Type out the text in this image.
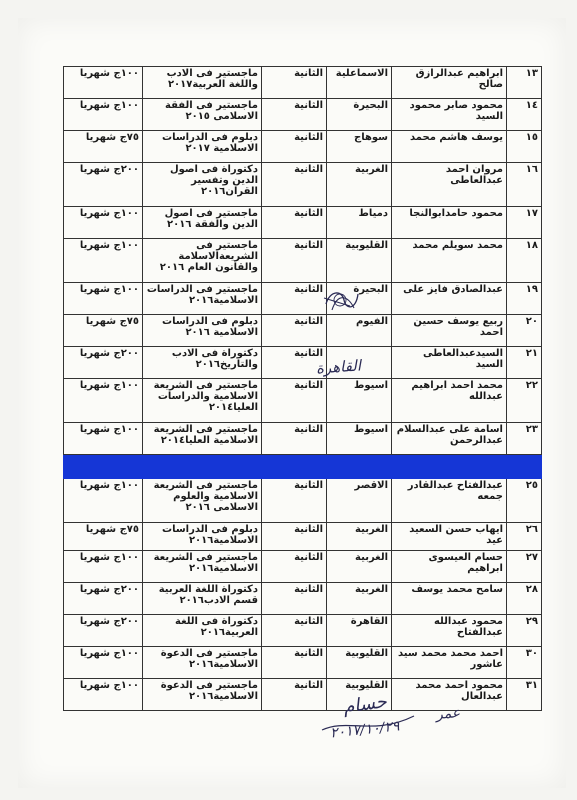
١٣	ابراهيم عبدالرازق صالح	الاسماعلية	الثانية	ماجستير فى الادب واللغة العربية٢٠١٧	١٠٠ج شهريا
١٤	محمود صابر محمود السيد	البحيرة	الثانية	ماجستير فى الفقة الاسلامى ٢٠١٥	١٠٠ج شهريا
١٥	يوسف هاشم محمد	سوهاج	الثانية	دبلوم فى الدراسات الاسلامية ٢٠١٧	٧٥ج شهريا
١٦	مروان احمد عبدالعاطى	الغربية	الثانية	دكتوراة فى اصول الدين وتفسير القران٢٠١٦	٢٠٠ج شهريا
١٧	محمود حامدابوالنجا	دمياط	الثانية	ماجستير فى اصول الدين والفقة ٢٠١٦	١٠٠ج شهريا
١٨	محمد سويلم محمد	القليوبية	الثانية	ماجستير فى الشريعةالاسلامة والقانون العام ٢٠١٦	١٠٠ج شهريا
١٩	عبدالصادق فايز على	البحيرة	الثانية	ماجستير فى الدراسات الاسلامية٢٠١٦	١٠٠ج شهريا
٢٠	ربيع يوسف حسين احمد	الفيوم	الثانية	دبلوم فى الدراسات الاسلامية ٢٠١٦	٧٥ج شهريا
٢١	السيدعبدالعاطى السيد		الثانية	دكتوراة فى الادب والتاريخ٢٠١٦	٢٠٠ج شهريا
٢٢	محمد احمد ابراهيم عبدالله	اسيوط	الثانية	ماجستير فى الشريعة الاسلامية والدراسات العليا٢٠١٤	١٠٠ج شهريا
٢٣	اسامة على عبدالسلام عبدالرحمن	اسيوط	الثانية	ماجستير فى الشريعة الاسلامية العليا٢٠١٤	١٠٠ج شهريا

٢٥	عبدالفتاح عبدالقادر جمعه	الاقصر	الثانية	ماجستير فى الشريعة الاسلامية والعلوم الاسلامى ٢٠١٦	١٠٠ج شهريا
٢٦	ايهاب حسن السعيد عيد	الغربية	الثانية	دبلوم فى الدراسات الاسلامية٢٠١٦	٧٥ج شهريا
٢٧	حسام العيسوى ابراهيم	الغربية	الثانية	ماجستير فى الشريعة الاسلامية٢٠١٦	١٠٠ج شهريا
٢٨	سامح محمد يوسف	الغربية	الثانية	دكتوراة اللغة العربية قسم الادب٢٠١٦	٢٠٠ج شهريا
٢٩	محمود عبدالله عبدالفتاح	القاهرة	الثانية	دكتوراة فى اللغة العربية٢٠١٦	٢٠٠ج شهريا
٣٠	احمد محمد محمد سيد عاشور	القليوبية	الثانية	ماجستير فى الدعوة الاسلامية٢٠١٦	١٠٠ج شهريا
٣١	محمود احمد محمد عبدالعال	القليوبية	الثانية	ماجستير فى الدعوة الاسلامية٢٠١٦	١٠٠ج شهريا
القاهرة
حسام
٢٠١٧/١٠/٢٩
عمر
